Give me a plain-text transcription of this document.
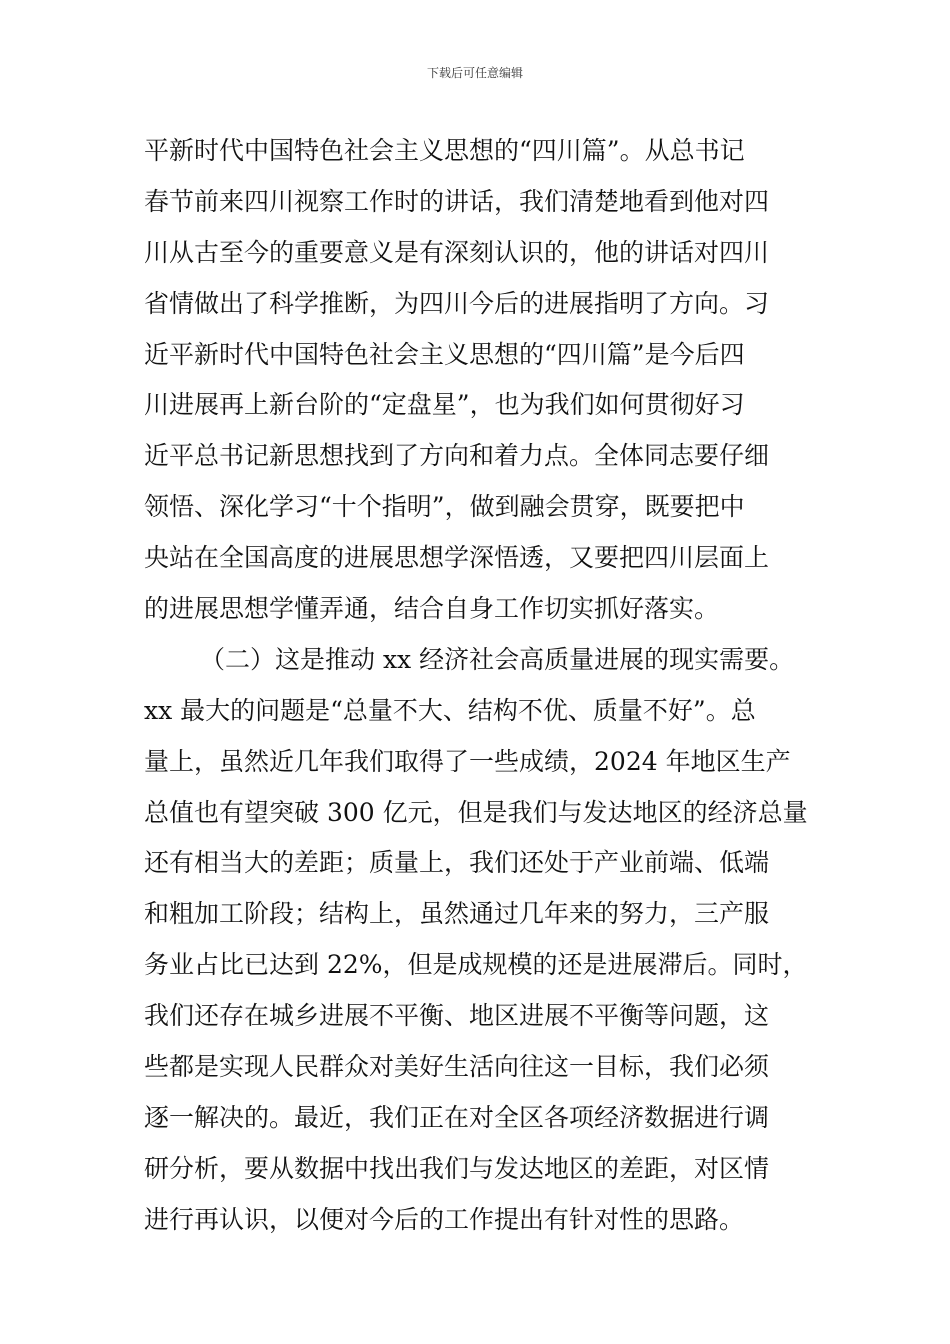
下载后可任意编辑
平新时代中国特色社会主义思想的“四川篇”。从总书记
春节前来四川视察工作时的讲话，我们清楚地看到他对四
川从古至今的重要意义是有深刻认识的，他的讲话对四川
省情做出了科学推断，为四川今后的进展指明了方向。习
近平新时代中国特色社会主义思想的“四川篇”是今后四
川进展再上新台阶的“定盘星”，也为我们如何贯彻好习
近平总书记新思想找到了方向和着力点。全体同志要仔细
领悟、深化学习“十个指明”，做到融会贯穿，既要把中
央站在全国高度的进展思想学深悟透，又要把四川层面上
的进展思想学懂弄通，结合自身工作切实抓好落实。
（二）这是推动 xx 经济社会高质量进展的现实需要。
xx 最大的问题是“总量不大、结构不优、质量不好”。总
量上，虽然近几年我们取得了一些成绩，2024 年地区生产
总值也有望突破 300 亿元，但是我们与发达地区的经济总量
还有相当大的差距；质量上，我们还处于产业前端、低端
和粗加工阶段；结构上，虽然通过几年来的努力，三产服
务业占比已达到 22%，但是成规模的还是进展滞后。同时，
我们还存在城乡进展不平衡、地区进展不平衡等问题，这
些都是实现人民群众对美好生活向往这一目标，我们必须
逐一解决的。最近，我们正在对全区各项经济数据进行调
研分析，要从数据中找出我们与发达地区的差距，对区情
进行再认识，以便对今后的工作提出有针对性的思路。
